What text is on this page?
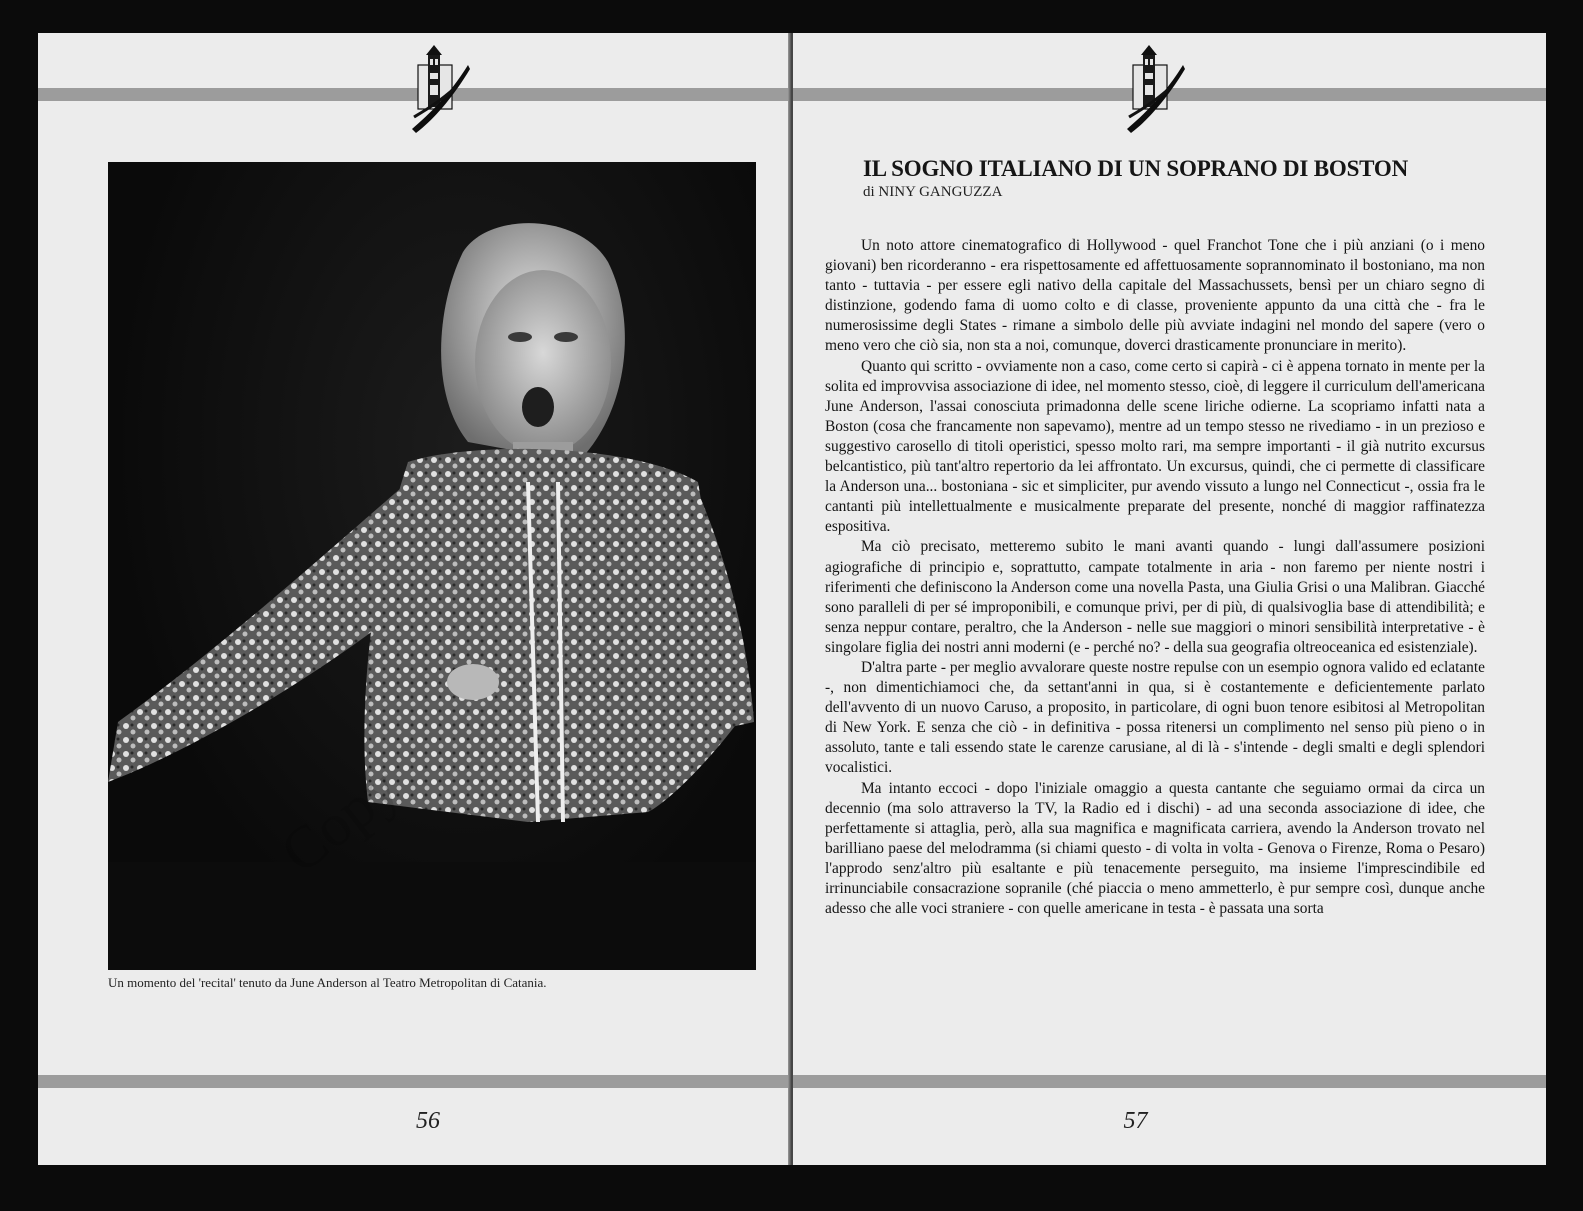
Un momento del 'recital' tenuto da June Anderson al Teatro Metropolitan di Catania.

56

IL SOGNO ITALIANO DI UN SOPRANO DI BOSTON

di NINY GANGUZZA

Un noto attore cinematografico di Hollywood - quel Franchot Tone che i più anziani (o i meno giovani) ben ricorderanno - era rispettosamente ed affettuosamente soprannominato il bostoniano, ma non tanto - tuttavia - per essere egli nativo della capitale del Massachussets, bensì per un chiaro segno di distinzione, godendo fama di uomo colto e di classe, proveniente appunto da una città che - fra le numerosissime degli States - rimane a simbolo delle più avviate indagini nel mondo del sapere (vero o meno vero che ciò sia, non sta a noi, comunque, doverci drasticamente pronunciare in merito).

Quanto qui scritto - ovviamente non a caso, come certo si capirà - ci è appena tornato in mente per la solita ed improvvisa associazione di idee, nel momento stesso, cioè, di leggere il curriculum dell'americana June Anderson, l'assai conosciuta primadonna delle scene liriche odierne. La scopriamo infatti nata a Boston (cosa che francamente non sapevamo), mentre ad un tempo stesso ne rivediamo - in un prezioso e suggestivo carosello di titoli operistici, spesso molto rari, ma sempre importanti - il già nutrito excursus belcantistico, più tant'altro repertorio da lei affrontato. Un excursus, quindi, che ci permette di classificare la Anderson una... bostoniana - sic et simpliciter, pur avendo vissuto a lungo nel Connecticut -, ossia fra le cantanti più intellettualmente e musicalmente preparate del presente, nonché di maggior raffinatezza espositiva.

Ma ciò precisato, metteremo subito le mani avanti quando - lungi dall'assumere posizioni agiografiche di principio e, soprattutto, campate totalmente in aria - non faremo per niente nostri i riferimenti che definiscono la Anderson come una novella Pasta, una Giulia Grisi o una Malibran. Giacché sono paralleli di per sé improponibili, e comunque privi, per di più, di qualsivoglia base di attendibilità; e senza neppur contare, peraltro, che la Anderson - nelle sue maggiori o minori sensibilità interpretative - è singolare figlia dei nostri anni moderni (e - perché no? - della sua geografia oltreoceanica ed esistenziale).

D'altra parte - per meglio avvalorare queste nostre repulse con un esempio ognora valido ed eclatante -, non dimentichiamoci che, da settant'anni in qua, si è costantemente e deficientemente parlato dell'avvento di un nuovo Caruso, a proposito, in particolare, di ogni buon tenore esibitosi al Metropolitan di New York. E senza che ciò - in definitiva - possa ritenersi un complimento nel senso più pieno o in assoluto, tante e tali essendo state le carenze carusiane, al di là - s'intende - degli smalti e degli splendori vocalistici.

Ma intanto eccoci - dopo l'iniziale omaggio a questa cantante che seguiamo ormai da circa un decennio (ma solo attraverso la TV, la Radio ed i dischi) - ad una seconda associazione di idee, che perfettamente si attaglia, però, alla sua magnifica e magnificata carriera, avendo la Anderson trovato nel barilliano paese del melodramma (si chiami questo - di volta in volta - Genova o Firenze, Roma o Pesaro) l'approdo senz'altro più esaltante e più tenacemente perseguito, ma insieme l'imprescindibile ed irrinunciabile consacrazione sopranile (ché piaccia o meno ammetterlo, è pur sempre così, dunque anche adesso che alle voci straniere - con quelle americane in testa - è passata una sorta

57
